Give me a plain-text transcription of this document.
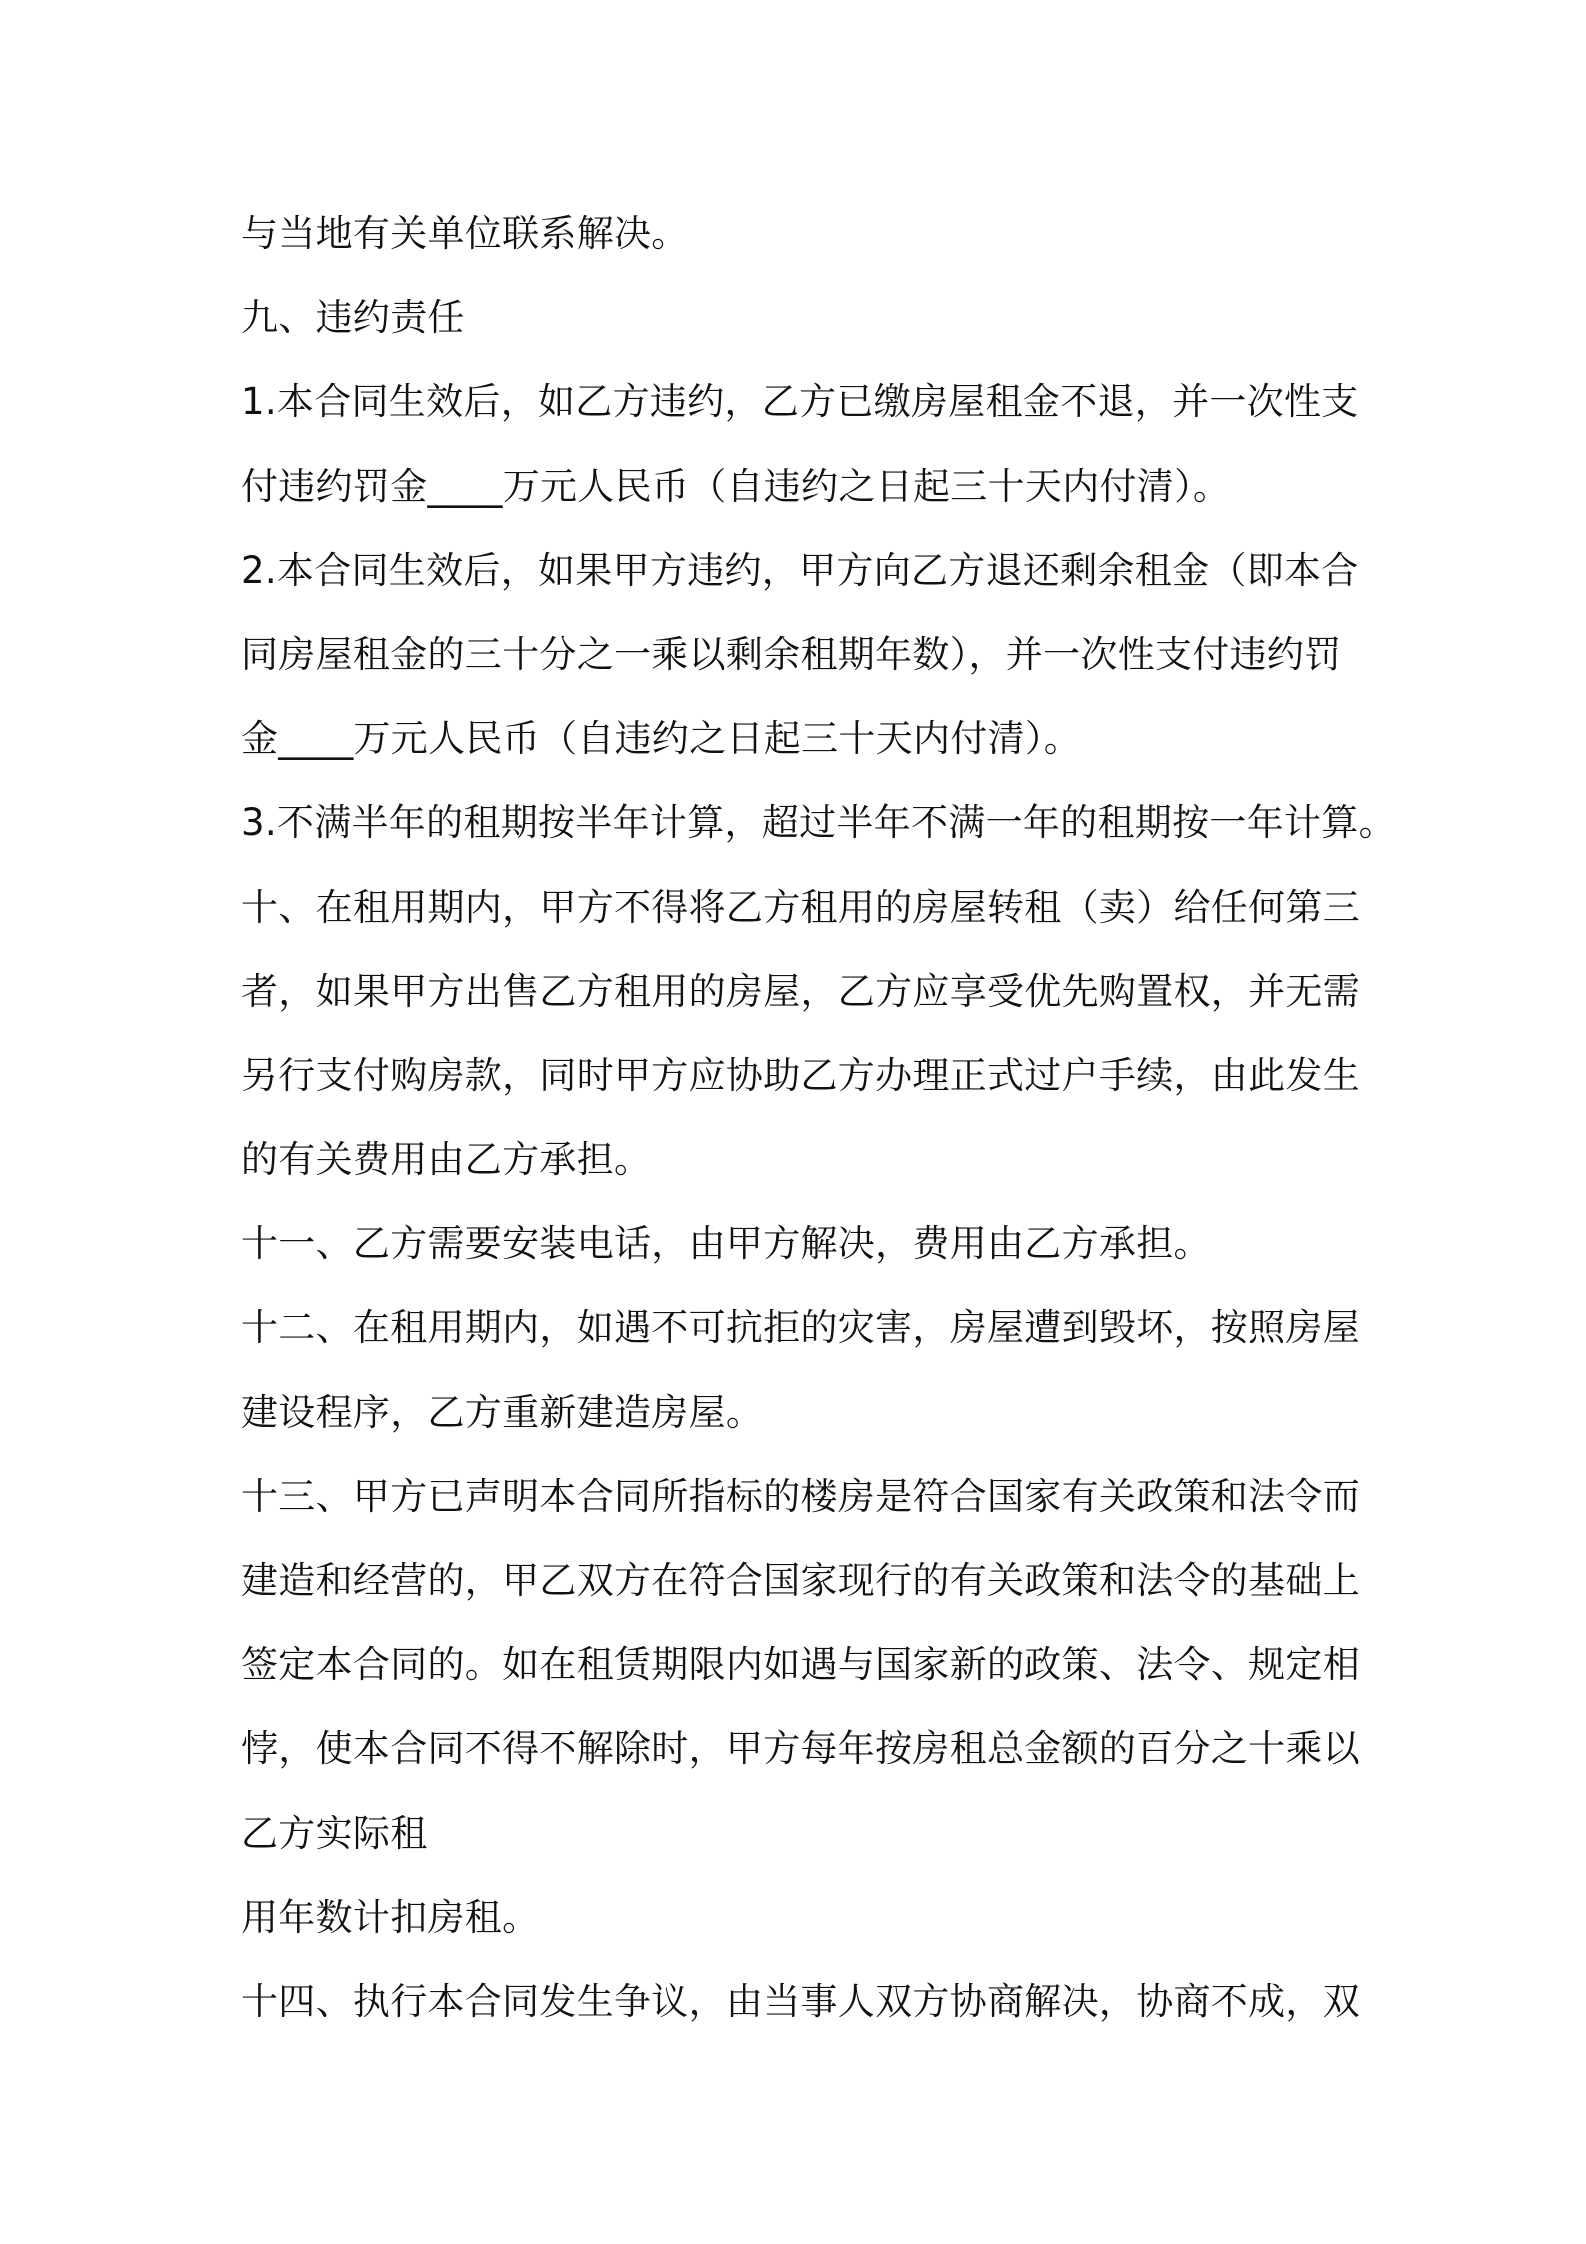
与当地有关单位联系解决。
九、违约责任
1.本合同生效后，如乙方违约，乙方已缴房屋租金不退，并一次性支
付违约罚金____万元人民币（自违约之日起三十天内付清）。
2.本合同生效后，如果甲方违约，甲方向乙方退还剩余租金（即本合
同房屋租金的三十分之一乘以剩余租期年数），并一次性支付违约罚
金____万元人民币（自违约之日起三十天内付清）。
3.不满半年的租期按半年计算，超过半年不满一年的租期按一年计算。
十、在租用期内，甲方不得将乙方租用的房屋转租（卖）给任何第三
者，如果甲方出售乙方租用的房屋，乙方应享受优先购置权，并无需
另行支付购房款，同时甲方应协助乙方办理正式过户手续，由此发生
的有关费用由乙方承担。
十一、乙方需要安装电话，由甲方解决，费用由乙方承担。
十二、在租用期内，如遇不可抗拒的灾害，房屋遭到毁坏，按照房屋
建设程序，乙方重新建造房屋。
十三、甲方已声明本合同所指标的楼房是符合国家有关政策和法令而
建造和经营的，甲乙双方在符合国家现行的有关政策和法令的基础上
签定本合同的。如在租赁期限内如遇与国家新的政策、法令、规定相
悖，使本合同不得不解除时，甲方每年按房租总金额的百分之十乘以
乙方实际租
用年数计扣房租。
十四、执行本合同发生争议，由当事人双方协商解决，协商不成，双
